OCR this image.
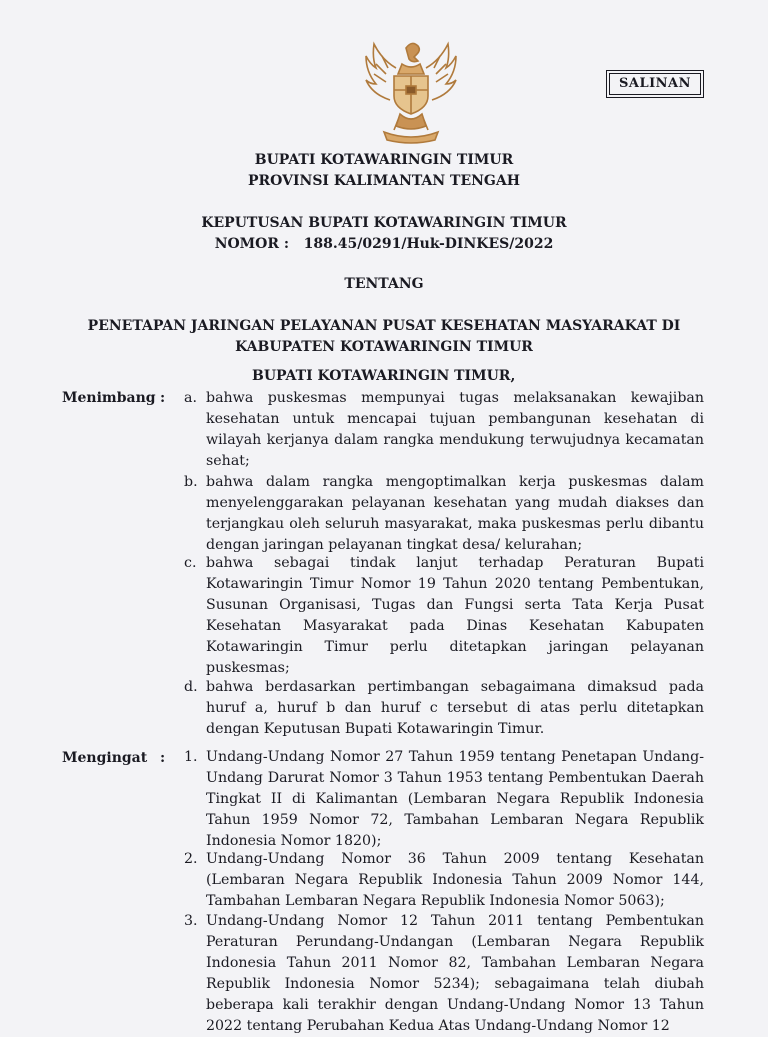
SALINAN
BUPATI KOTAWARINGIN TIMUR
PROVINSI KALIMANTAN TENGAH
KEPUTUSAN BUPATI KOTAWARINGIN TIMUR
NOMOR :   188.45/0291/Huk-DINKES/2022
TENTANG
PENETAPAN JARINGAN PELAYANAN PUSAT KESEHATAN MASYARAKAT DI
KABUPATEN KOTAWARINGIN TIMUR
BUPATI KOTAWARINGIN TIMUR,
Menimbang : a. bahwa puskesmas mempunyai tugas melaksanakan kewajiban kesehatan untuk mencapai tujuan pembangunan kesehatan di wilayah kerjanya dalam rangka mendukung terwujudnya kecamatan sehat;
b. bahwa dalam rangka mengoptimalkan kerja puskesmas dalam menyelenggarakan pelayanan kesehatan yang mudah diakses dan terjangkau oleh seluruh masyarakat, maka puskesmas perlu dibantu dengan jaringan pelayanan tingkat desa/ kelurahan;
c. bahwa sebagai tindak lanjut terhadap Peraturan Bupati Kotawaringin Timur Nomor 19 Tahun 2020 tentang Pembentukan, Susunan Organisasi, Tugas dan Fungsi serta Tata Kerja Pusat Kesehatan Masyarakat pada Dinas Kesehatan Kabupaten Kotawaringin Timur perlu ditetapkan jaringan pelayanan puskesmas;
d. bahwa berdasarkan pertimbangan sebagaimana dimaksud pada huruf a, huruf b dan huruf c tersebut di atas perlu ditetapkan dengan Keputusan Bupati Kotawaringin Timur.
Mengingat : 1. Undang-Undang Nomor 27 Tahun 1959 tentang Penetapan Undang-Undang Darurat Nomor 3 Tahun 1953 tentang Pembentukan Daerah Tingkat II di Kalimantan (Lembaran Negara Republik Indonesia Tahun 1959 Nomor 72, Tambahan Lembaran Negara Republik Indonesia Nomor 1820);
2. Undang-Undang Nomor 36 Tahun 2009 tentang Kesehatan (Lembaran Negara Republik Indonesia Tahun 2009 Nomor 144, Tambahan Lembaran Negara Republik Indonesia Nomor 5063);
3. Undang-Undang Nomor 12 Tahun 2011 tentang Pembentukan Peraturan Perundang-Undangan (Lembaran Negara Republik Indonesia Tahun 2011 Nomor 82, Tambahan Lembaran Negara Republik Indonesia Nomor 5234); sebagaimana telah diubah beberapa kali terakhir dengan Undang-Undang Nomor 13 Tahun 2022 tentang Perubahan Kedua Atas Undang-Undang Nomor 12
